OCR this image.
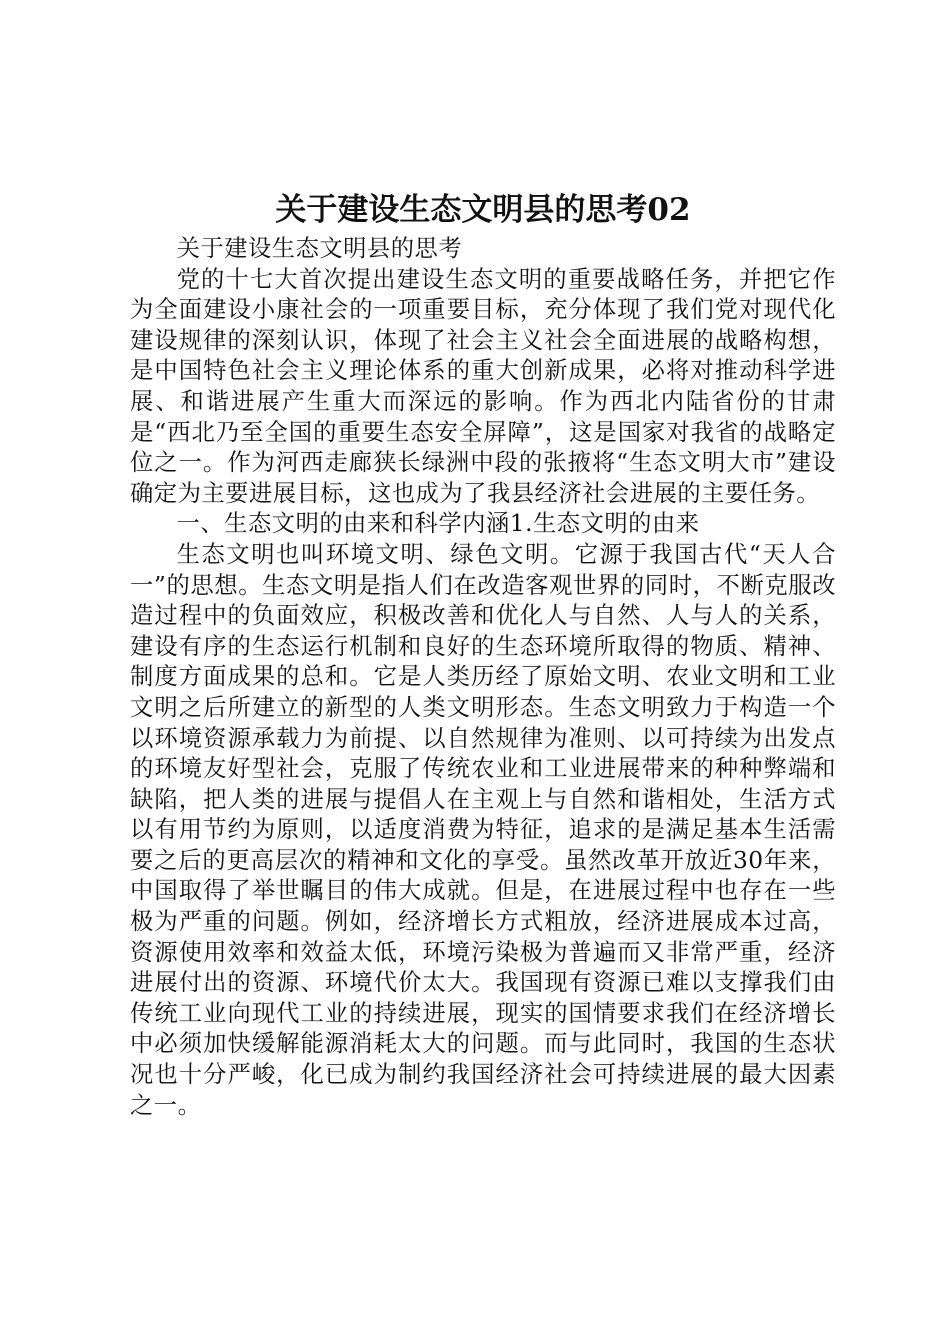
关于建设生态文明县的思考02

关于建设生态文明县的思考

党的十七大首次提出建设生态文明的重要战略任务，并把它作为全面建设小康社会的一项重要目标，充分体现了我们党对现代化建设规律的深刻认识，体现了社会主义社会全面进展的战略构想，是中国特色社会主义理论体系的重大创新成果，必将对推动科学进展、和谐进展产生重大而深远的影响。作为西北内陆省份的甘肃是“西北乃至全国的重要生态安全屏障”，这是国家对我省的战略定位之一。作为河西走廊狭长绿洲中段的张掖将“生态文明大市”建设确定为主要进展目标，这也成为了我县经济社会进展的主要任务。

一、生态文明的由来和科学内涵1.生态文明的由来

生态文明也叫环境文明、绿色文明。它源于我国古代“天人合一”的思想。生态文明是指人们在改造客观世界的同时，不断克服改造过程中的负面效应，积极改善和优化人与自然、人与人的关系，建设有序的生态运行机制和良好的生态环境所取得的物质、精神、制度方面成果的总和。它是人类历经了原始文明、农业文明和工业文明之后所建立的新型的人类文明形态。生态文明致力于构造一个以环境资源承载力为前提、以自然规律为准则、以可持续为出发点的环境友好型社会，克服了传统农业和工业进展带来的种种弊端和缺陷，把人类的进展与提倡人在主观上与自然和谐相处，生活方式以有用节约为原则，以适度消费为特征，追求的是满足基本生活需要之后的更高层次的精神和文化的享受。虽然改革开放近30年来，中国取得了举世瞩目的伟大成就。但是，在进展过程中也存在一些极为严重的问题。例如，经济增长方式粗放，经济进展成本过高，资源使用效率和效益太低，环境污染极为普遍而又非常严重，经济进展付出的资源、环境代价太大。我国现有资源已难以支撑我们由传统工业向现代工业的持续进展，现实的国情要求我们在经济增长中必须加快缓解能源消耗太大的问题。而与此同时，我国的生态状况也十分严峻，化已成为制约我国经济社会可持续进展的最大因素之一。
